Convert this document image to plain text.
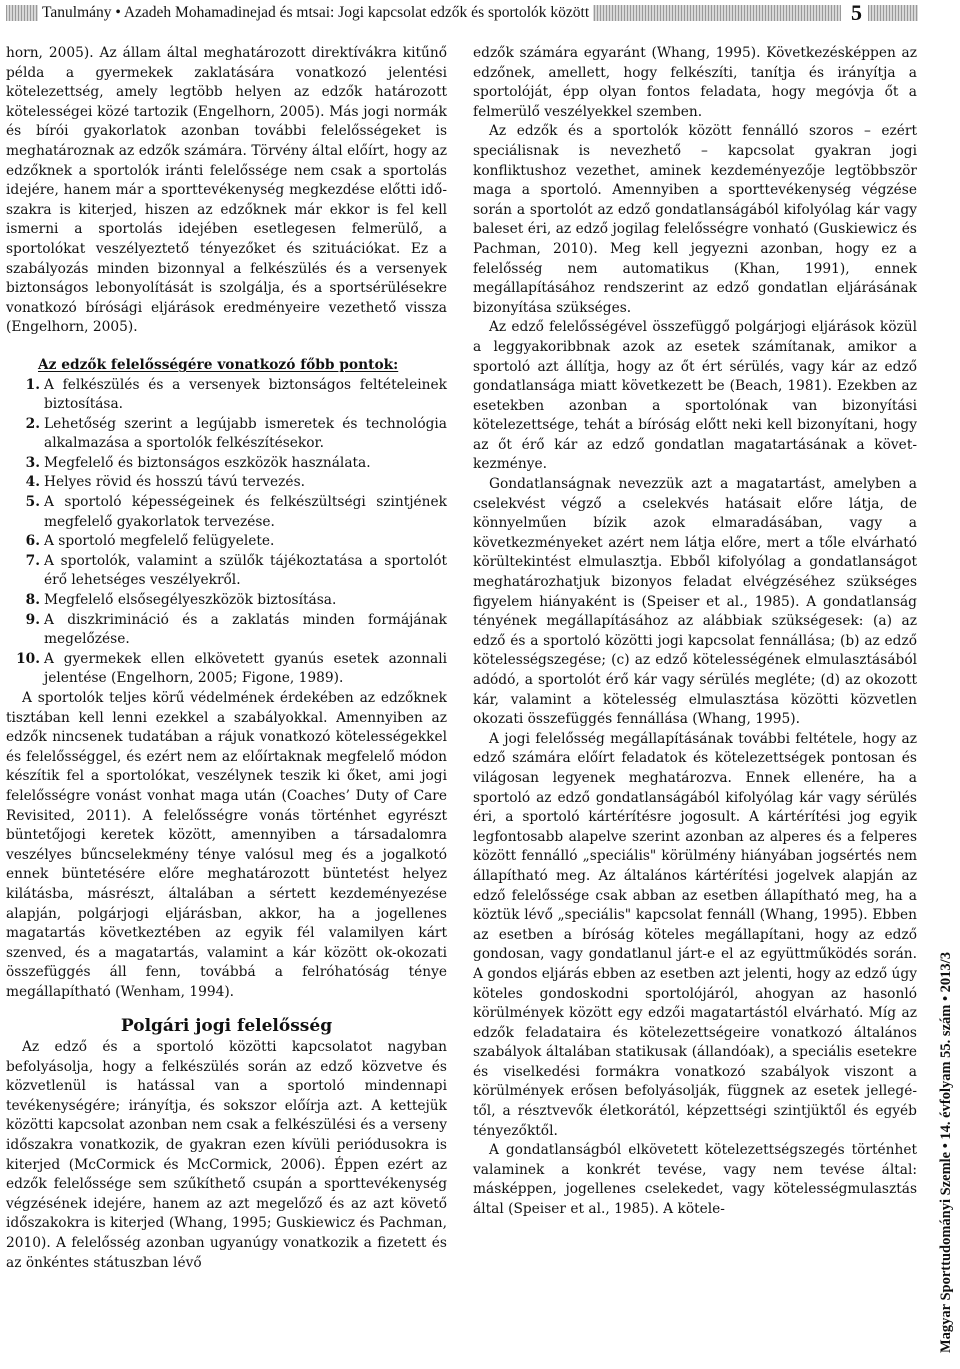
Tanulmány • Azadeh Mohamadinejad és mtsai: Jogi kapcsolat edzők és sportolók között	5

horn, 2005). Az állam által meghatározott direktívákra kitűnő példa a gyermekek zaklatására vonatkozó jelentési kötelezettség, amely legtöbb helyen az edzők határozott kötelességei közé tartozik (Engelhorn, 2005). Más jogi normák és bírói gyakorlatok azonban további felelősségeket is meghatároznak az edzők számára. Törvény által előírt, hogy az edzőknek a sportolók iránti felelőssége nem csak a sportolás idejére, hanem már a sporttevékenység megkezdése előtti időszakra is kiterjed, hiszen az edzőknek már ekkor is fel kell ismerni a sportolás idejében esetlegesen felmerülő, a sportolókat veszélyeztető tényezőket és szituációkat. Ez a szabályozás minden bizonnyal a felkészülés és a versenyek biztonságos lebonyolítását is szolgálja, és a sportsérülésekre vonatkozó bírósági eljárások eredményeire vezethető vissza (Engelhorn, 2005).

Az edzők felelősségére vonatkozó főbb pontok:
1. A felkészülés és a versenyek biztonságos feltételeinek biztosítása.
2. Lehetőség szerint a legújabb ismeretek és technológia alkalmazása a sportolók felkészítésekor.
3. Megfelelő és biztonságos eszközök használata.
4. Helyes rövid és hosszú távú tervezés.
5. A sportoló képességeinek és felkészültségi szintjének megfelelő gyakorlatok tervezése.
6. A sportoló megfelelő felügyelete.
7. A sportolók, valamint a szülők tájékoztatása a sportolót érő lehetséges veszélyekről.
8. Megfelelő elsősegélyeszközök biztosítása.
9. A diszkrimináció és a zaklatás minden formájának megelőzése.
10. A gyermekek ellen elkövetett gyanús esetek azonnali jelentése (Engelhorn, 2005; Figone, 1989).

A sportolók teljes körű védelmének érdekében az edzőknek tisztában kell lenni ezekkel a szabályokkal. Amennyiben az edzők nincsenek tudatában a rájuk vonatkozó kötelességekkel és felelősséggel, és ezért nem az előírtaknak megfelelő módon készítik fel a sportolókat, veszélynek teszik ki őket, ami jogi felelősségre vonást vonhat maga után (Coaches’ Duty of Care Revisited, 2011). A felelősségre vonás történhet egyrészt büntetőjogi keretek között, amennyiben a társadalomra veszélyes bűncselekmény tényе valósul meg és a jogalkotó ennek büntetésére előre meghatározott büntetést helyez kilátásba, másrészt, általában a sértett kezdeményezése alapján, polgárjogi eljárásban, akkor, ha a jogellenes magatartás következtében az egyik fél valamilyen kárt szenved, és a magatartás, valamint a kár között ok-okozati összefüggés áll fenn, továbbá a felróhatóság ténye megállapítható (Wenham, 1994).

Polgári jogi felelősség

Az edző és a sportoló közötti kapcsolatot nagyban befolyásolja, hogy a felkészülés során az edző közvetve és közvetlenül is hatással van a sportoló mindennapi tevékenységére; irányítja, és sokszor előírja azt. A kettejük közötti kapcsolat azonban nem csak a felkészülési és a verseny időszakra vonatkozik, de gyakran ezen kívüli periódusokra is kiterjed (McCormick és McCormick, 2006). Éppen ezért az edzők felelőssége sem szűkíthető csupán a sporttevékenység végzésének idejére, hanem az azt megelőző és az azt követő időszakokra is kiterjed (Whang, 1995; Guskiewicz és Pachman, 2010). A felelősség azonban ugyanúgy vonatkozik a fizetett és az önkéntes státuszban lévő

edzők számára egyaránt (Whang, 1995). Következésképpen az edzőnek, amellett, hogy felkészíti, tanítja és irányítja a sportolóját, épp olyan fontos feladata, hogy megóvja őt a felmerülő veszélyekkel szemben.

Az edzők és a sportolók között fennálló szoros – ezért speciálisnak is nevezhető – kapcsolat gyakran jogi konfliktushoz vezethet, aminek kezdeményezője legtöbbször maga a sportoló. Amennyiben a sporttevékenység végzése során a sportolót az edző gondatlanságából kifolyólag kár vagy baleset éri, az edző jogilag felelősségre vonható (Guskiewicz és Pachman, 2010). Meg kell jegyezni azonban, hogy ez a felelősség nem automatikus (Khan, 1991), ennek megállapításához rendszerint az edző gondatlan eljárásának bizonyítása szükséges.

Az edző felelősségével összefüggő polgárjogi eljárások közül a leggyakoribbnak azok az esetek számítanak, amikor a sportoló azt állítja, hogy az őt ért sérülés, vagy kár az edző gondatlansága miatt következett be (Beach, 1981). Ezekben az esetekben azonban a sportolónak van bizonyítási kötelezettsége, tehát a bíróság előtt neki kell bizonyítani, hogy az őt érő kár az edző gondatlan magatartásának a következménye.

Gondatlanságnak nevezzük azt a magatartást, amelyben a cselekvést végző a cselekvés hatásait előre látja, de könnyelműen bízik azok elmaradásában, vagy a következményeket azért nem látja előre, mert a tőle elvárható körültekintést elmulasztja. Ebből kifolyólag a gondatlanságot meghatározhatjuk bizonyos feladat elvégzéséhez szükséges figyelem hiányaként is (Speiser et al., 1985). A gondatlanság tényének megállapításához az alábbiak szükségesek: (a) az edző és a sportoló közötti jogi kapcsolat fennállása; (b) az edző kötelességszegése; (c) az edző kötelességének elmulasztásából adódó, a sportolót érő kár vagy sérülés megléte; (d) az okozott kár, valamint a kötelesség elmulasztása közötti közvetlen okozati összefüggés fennállása (Whang, 1995).

A jogi felelősség megállapításának további feltétele, hogy az edző számára előírt feladatok és kötelezettségek pontosan és világosan legyenek meghatározva. Ennek ellenére, ha a sportoló az edző gondatlanságából kifolyólag kár vagy sérülés éri, a sportoló kártérítésre jogosult. A kártérítési jog egyik legfontosabb alapelve szerint azonban az alperes és a felperes között fennálló „speciális" körülmény hiányában jogsértés nem állapítható meg. Az általános kártérítési jogelvek alapján az edző felelőssége csak abban az esetben állapítható meg, ha a köztük lévő „speciális" kapcsolat fennáll (Whang, 1995). Ebben az esetben a bíróság köteles megállapítani, hogy az edző gondosan, vagy gondatlanul járt-e el az együttműködés során. A gondos eljárás ebben az esetben azt jelenti, hogy az edző úgy köteles gondoskodni sportolójáról, ahogyan az hasonló körülmények között egy edzői magatartástól elvárható. Míg az edzők feladataira és kötelezettségeire vonatkozó általános szabályok általában statikusak (állandóak), a speciális esetekre és viselkedési formákra vonatkozó szabályok viszont a körülmények erősen befolyásolják, függnek az esetek jellegétől, a résztvevők életkorától, képzettségi szintjüktől és egyéb tényezőktől.

A gondatlanságból elkövetett kötelezettségszegés történhet valaminek a konkrét tevése, vagy nem tevése által: másképpen, jogellenes cselekedet, vagy kötelességmulasztás által (Speiser et al., 1985). A kötele-	Magyar Sporttudományi Szemle • 14. évfolyam 55. szám • 2013/3
